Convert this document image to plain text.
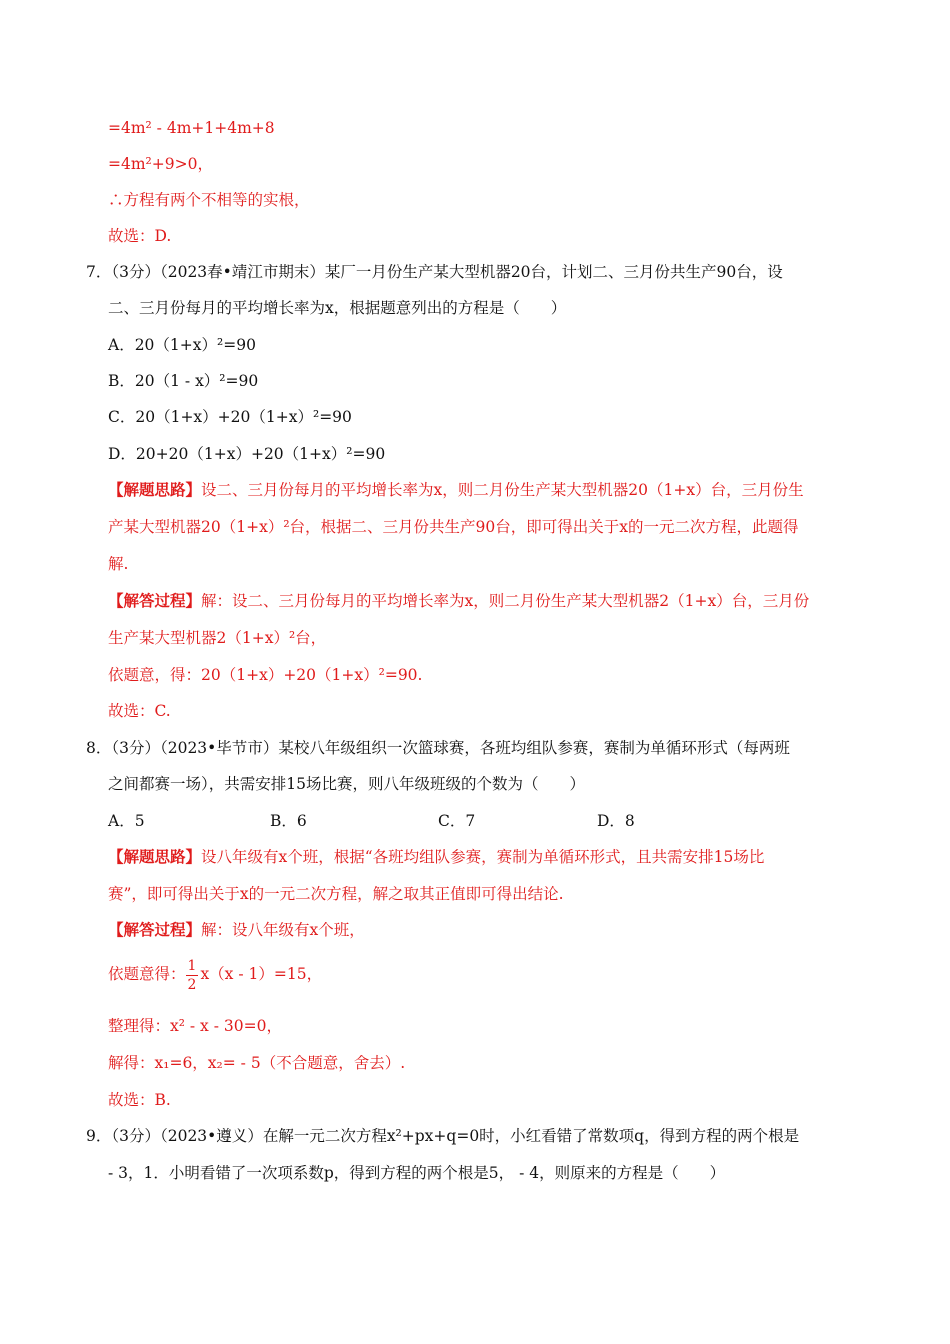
=4m² - 4m+1+4m+8
=4m²+9>0，
∴方程有两个不相等的实根，
故选：D.
7．（3分）（2023春•靖江市期末）某厂一月份生产某大型机器20台，计划二、三月份共生产90台，设
二、三月份每月的平均增长率为x，根据题意列出的方程是（　　）
A．20（1+x）²=90
B．20（1 - x）²=90
C．20（1+x）+20（1+x）²=90
D．20+20（1+x）+20（1+x）²=90
【解题思路】设二、三月份每月的平均增长率为x，则二月份生产某大型机器20（1+x）台，三月份生
产某大型机器20（1+x）²台，根据二、三月份共生产90台，即可得出关于x的一元二次方程，此题得
解.
【解答过程】解：设二、三月份每月的平均增长率为x，则二月份生产某大型机器2（1+x）台，三月份
生产某大型机器2（1+x）²台，
依题意，得：20（1+x）+20（1+x）²=90.
故选：C.
8．（3分）（2023•毕节市）某校八年级组织一次篮球赛，各班均组队参赛，赛制为单循环形式（每两班
之间都赛一场），共需安排15场比赛，则八年级班级的个数为（　　）
A．5	B．6	C．7	D．8
【解题思路】设八年级有x个班，根据“各班均组队参赛，赛制为单循环形式，且共需安排15场比
赛”，即可得出关于x的一元二次方程，解之取其正值即可得出结论.
【解答过程】解：设八年级有x个班，
依题意得： $\frac{1}{2} x(x - 1)=15$，
整理得：x² - x - 30=0，
解得：x₁=6，x₂= - 5（不合题意，舍去）.
故选：B.
9．（3分）（2023•遵义）在解一元二次方程x²+px+q=0时，小红看错了常数项q，得到方程的两个根是
- 3，1．小明看错了一次项系数p，得到方程的两个根是5， - 4，则原来的方程是（　　）
